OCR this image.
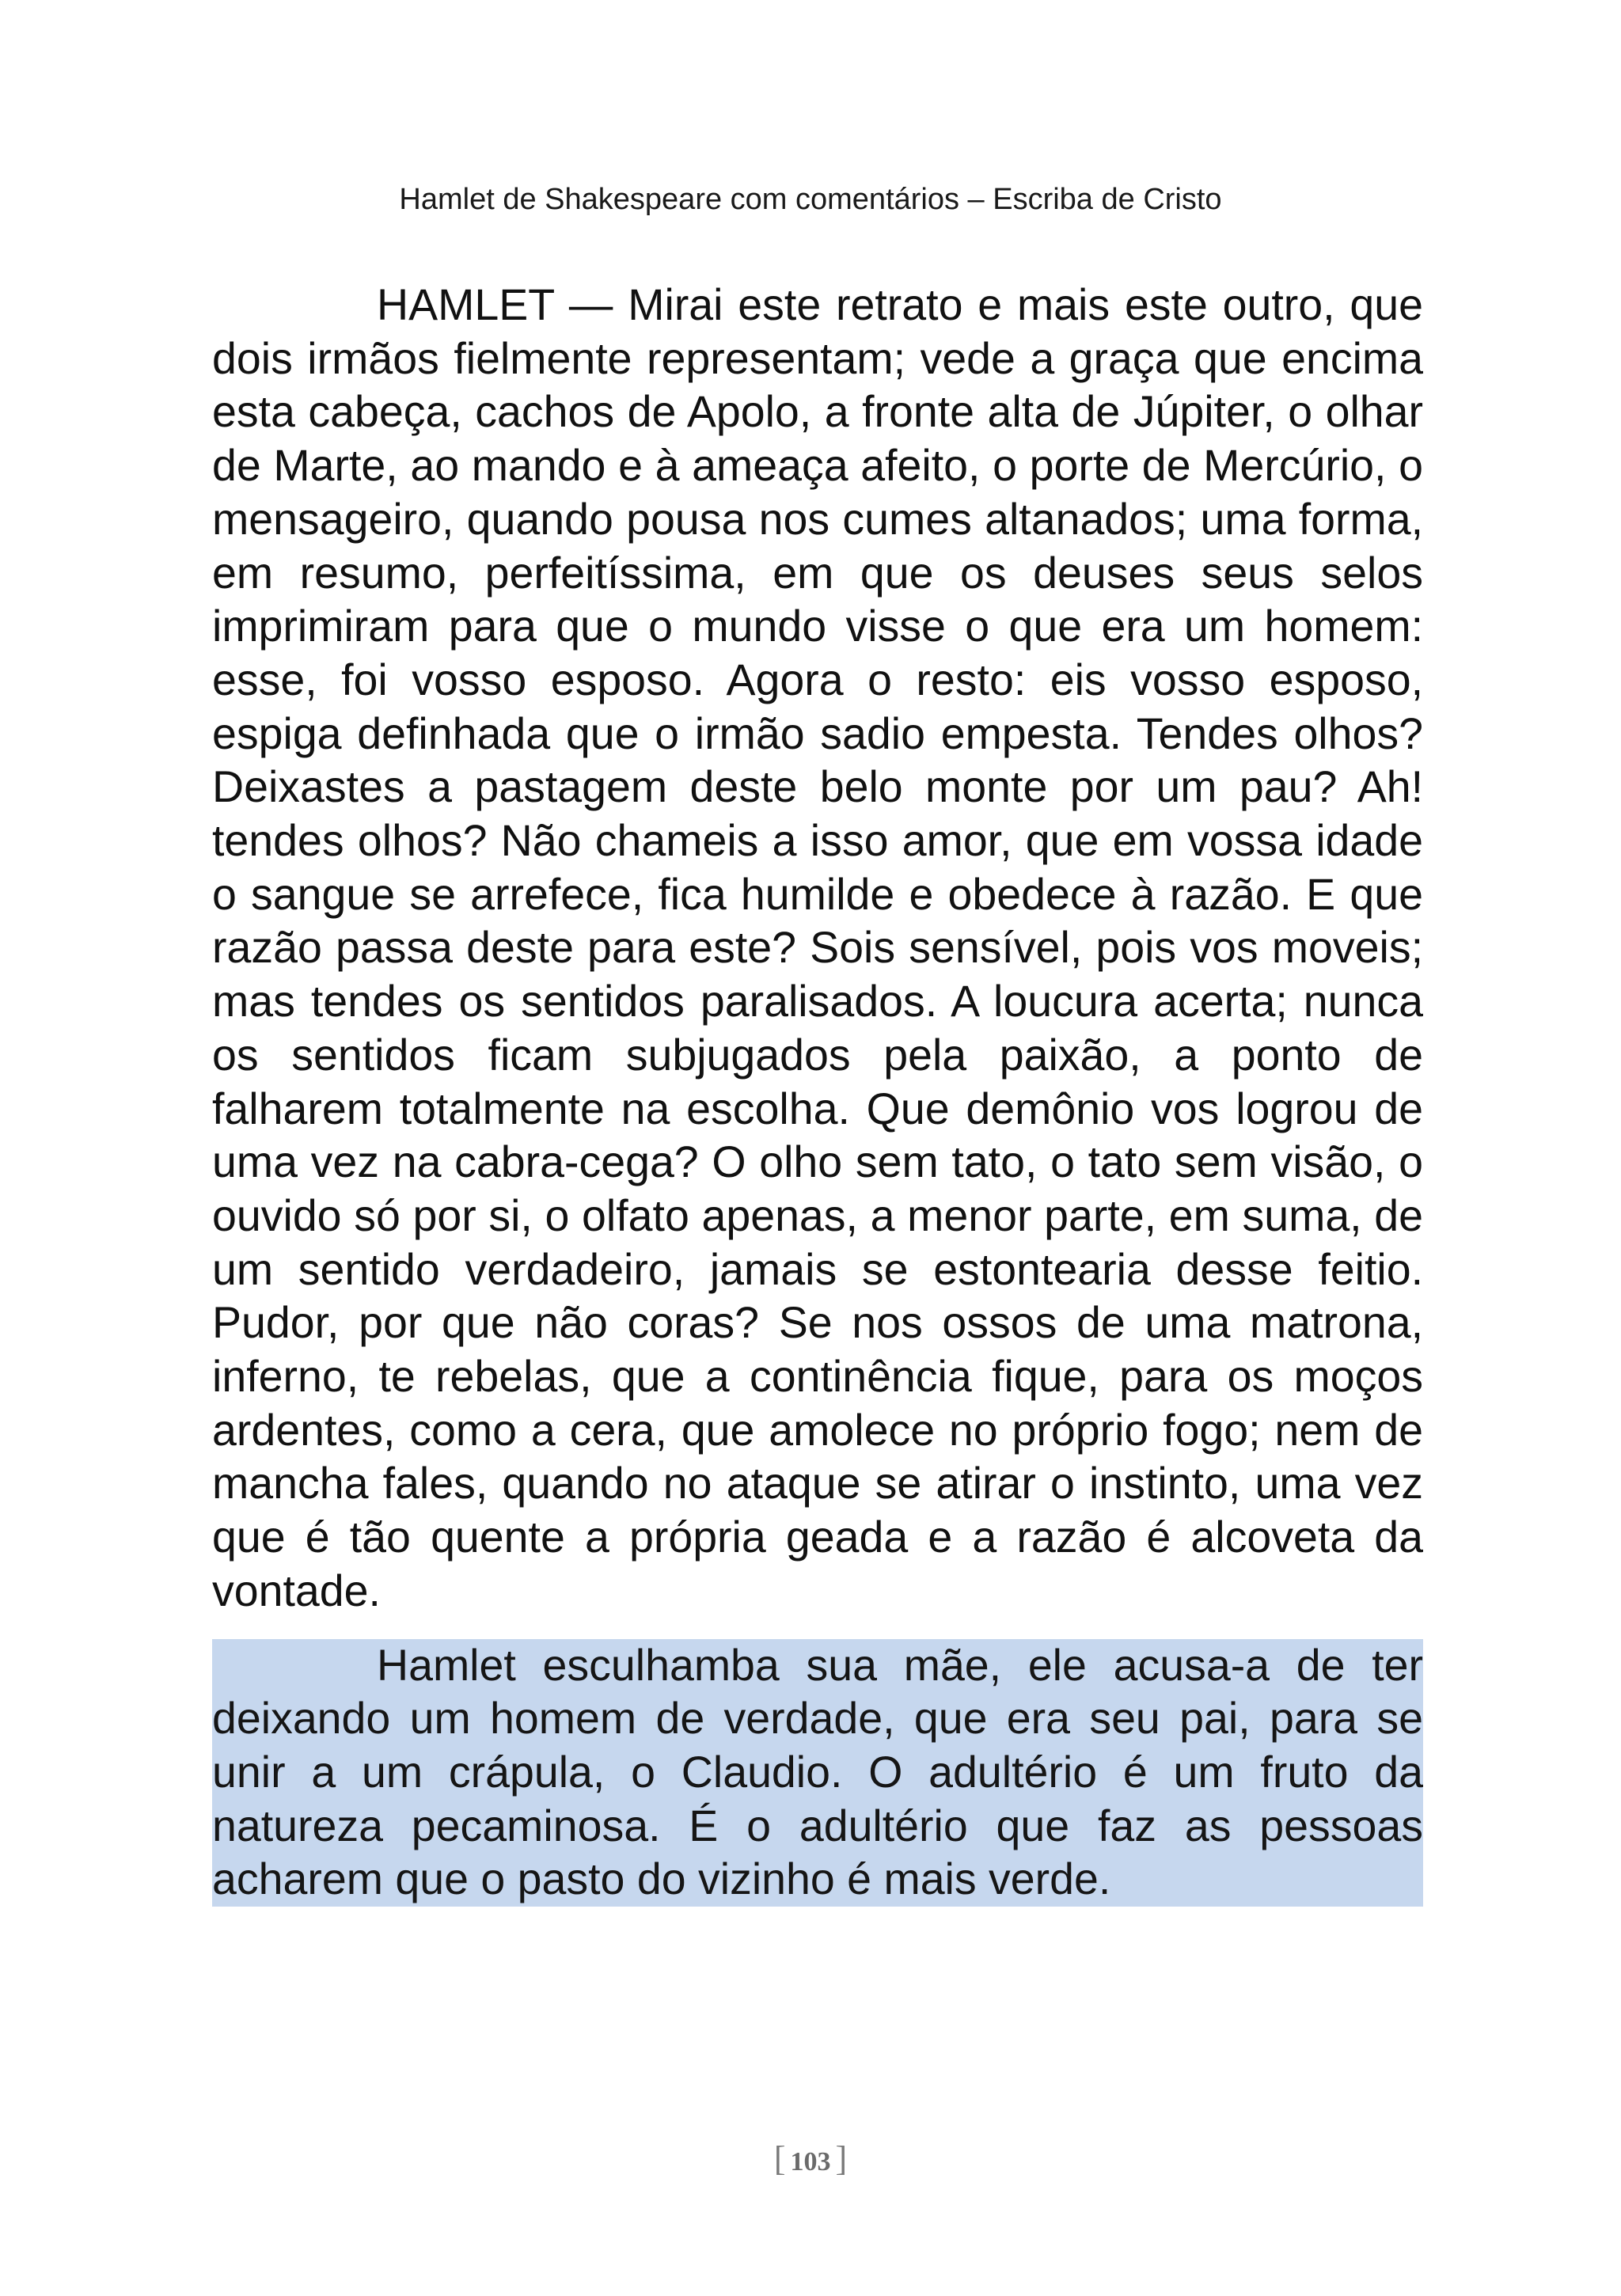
Hamlet de Shakespeare com comentários – Escriba de Cristo

HAMLET — Mirai este retrato e mais este outro, que dois irmãos fielmente representam; vede a graça que encima esta cabeça, cachos de Apolo, a fronte alta de Júpiter, o olhar de Marte, ao mando e à ameaça afeito, o porte de Mercúrio, o mensageiro, quando pousa nos cumes altanados; uma forma, em resumo, perfeitíssima, em que os deuses seus selos imprimiram para que o mundo visse o que era um homem: esse, foi vosso esposo. Agora o resto: eis vosso esposo, espiga definhada que o irmão sadio empesta. Tendes olhos? Deixastes a pastagem deste belo monte por um pau? Ah! tendes olhos? Não chameis a isso amor, que em vossa idade o sangue se arrefece, fica humilde e obedece à razão. E que razão passa deste para este? Sois sensível, pois vos moveis; mas tendes os sentidos paralisados. A loucura acerta; nunca os sentidos ficam subjugados pela paixão, a ponto de falharem totalmente na escolha. Que demônio vos logrou de uma vez na cabra-cega? O olho sem tato, o tato sem visão, o ouvido só por si, o olfato apenas, a menor parte, em suma, de um sentido verdadeiro, jamais se estontearia desse feitio. Pudor, por que não coras? Se nos ossos de uma matrona, inferno, te rebelas, que a continência fique, para os moços ardentes, como a cera, que amolece no próprio fogo; nem de mancha fales, quando no ataque se atirar o instinto, uma vez que é tão quente a própria geada e a razão é alcoveta da vontade.

Hamlet esculhamba sua mãe, ele acusa-a de ter deixando um homem de verdade, que era seu pai, para se unir a um crápula, o Claudio. O adultério é um fruto da natureza pecaminosa. É o adultério que faz as pessoas acharem que o pasto do vizinho é mais verde.

[ 103 ]
